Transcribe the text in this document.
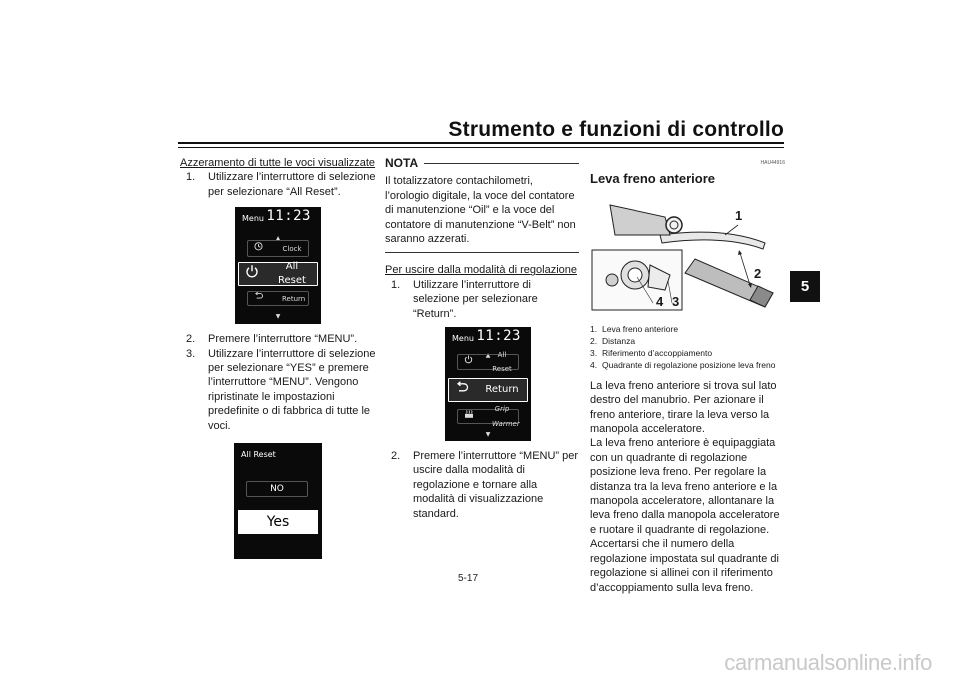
Strumento e funzioni di controllo
5
Azzeramento di tutte le voci visualizzate
1. Utilizzare l’interruttore di selezione per selezionare “All Reset”.
Menu 11:23
▲
Clock
All Reset
Return
▼
2. Premere l’interruttore “MENU”.
3. Utilizzare l’interruttore di selezione per selezionare “YES” e premere l’interruttore “MENU”. Vengono ripristinate le impostazioni predefinite o di fabbrica di tutte le voci.
All Reset
NO
Yes
NOTA
Il totalizzatore contachilometri, l’orologio digitale, la voce del contatore di manutenzione “Oil” e la voce del contatore di manutenzione “V-Belt” non saranno azzerati.
Per uscire dalla modalità di regolazione
1. Utilizzare l’interruttore di selezione per selezionare “Return”.
Menu 11:23
▲	All Reset
Return
Grip Warmer
▼
2. Premere l’interruttore “MENU” per uscire dalla modalità di regolazione e tornare alla modalità di visualizzazione standard.
HAU44916
Leva freno anteriore
1
2
4 3
1. Leva freno anteriore
2. Distanza
3. Riferimento d’accoppiamento
4. Quadrante di regolazione posizione leva freno

La leva freno anteriore si trova sul lato destro del manubrio. Per azionare il freno anteriore, tirare la leva verso la manopola acceleratore.

La leva freno anteriore è equipaggiata con un quadrante di regolazione posizione leva freno. Per regolare la distanza tra la leva freno anteriore e la manopola acceleratore, allontanare la leva freno dalla manopola acceleratore e ruotare il quadrante di regolazione. Accertarsi che il numero della regolazione impostata sul quadrante di regolazione si allinei con il riferimento d’accoppiamento sulla leva freno.

5-17
carmanualsonline.info
